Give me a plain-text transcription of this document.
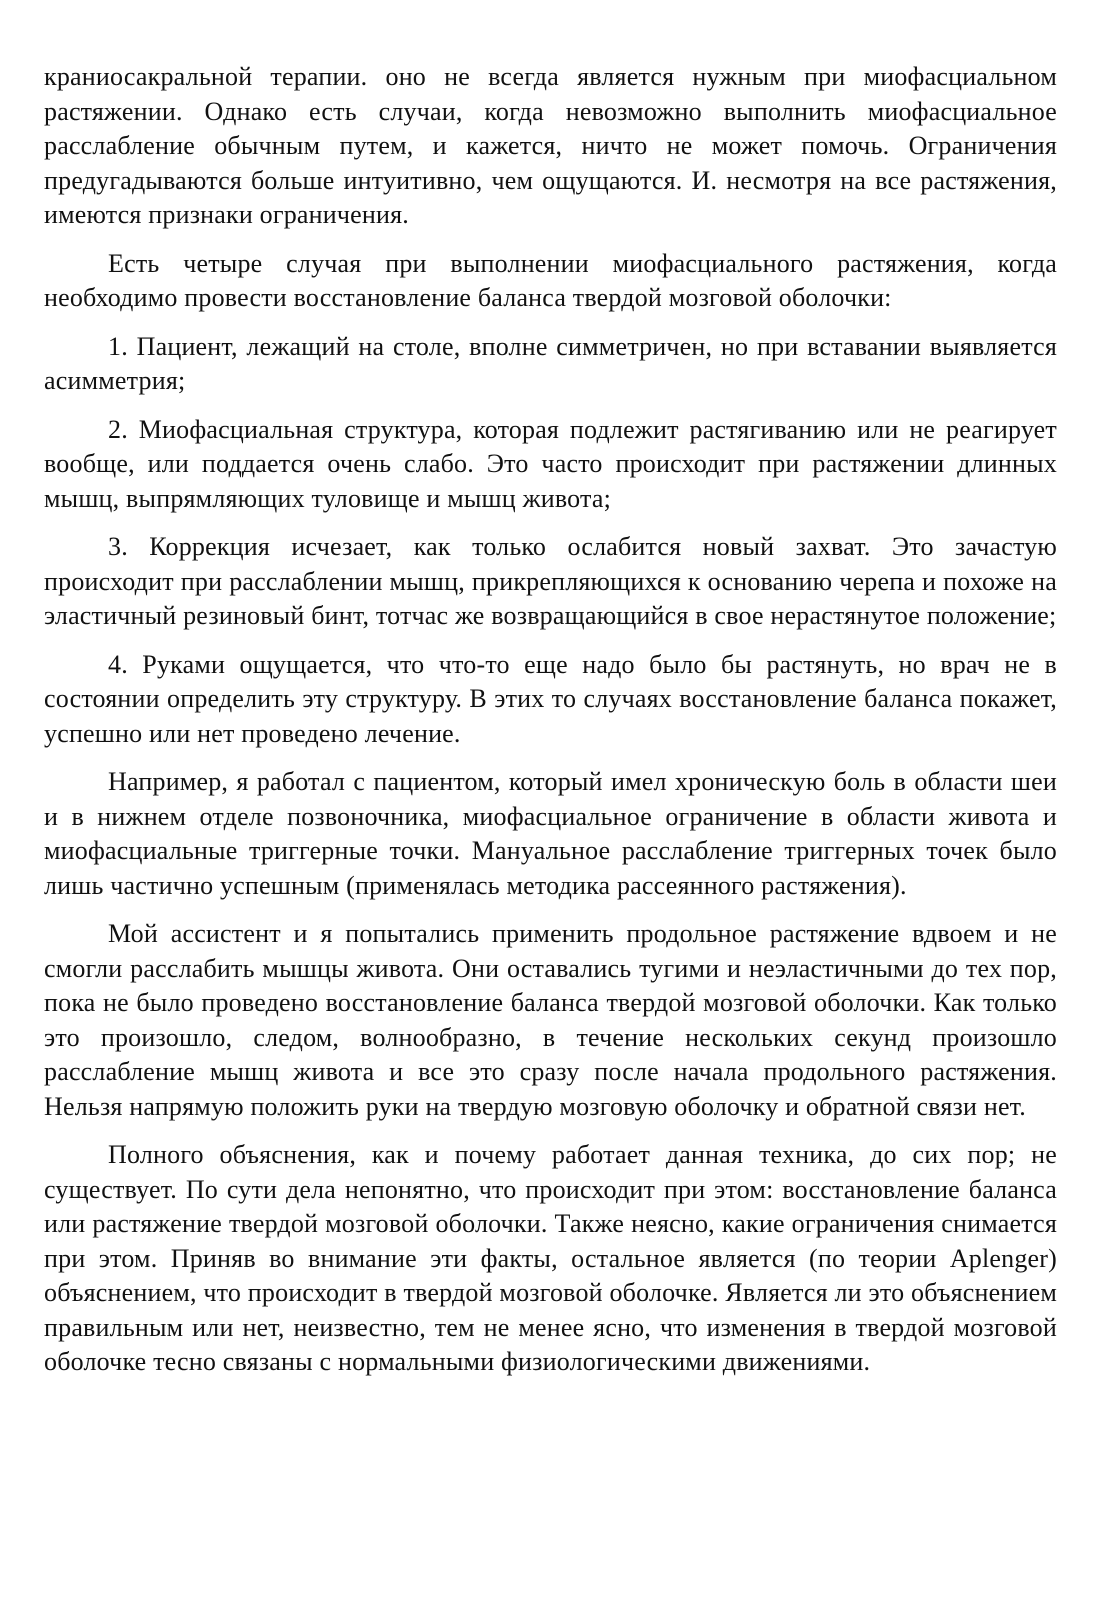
краниосакральной терапии. оно не всегда является нужным при миофасциальном растяжении. Однако есть случаи, когда невозможно выполнить миофасциальное расслабление обычным путем, и кажется, ничто не может помочь. Ограничения предугадываются больше интуитивно, чем ощущаются. И. несмотря на все растяжения, имеются признаки ограничения.

Есть четыре случая при выполнении миофасциального растяжения, когда необходимо провести восстановление баланса твердой мозговой оболочки:

1. Пациент, лежащий на столе, вполне симметричен, но при вставании выявляется асимметрия;

2. Миофасциальная структура, которая подлежит растягиванию или не реагирует вообще, или поддается очень слабо. Это часто происходит при растяжении длинных мышц, выпрямляющих туловище и мышц живота;

3. Коррекция исчезает, как только ослабится новый захват. Это зачастую происходит при расслаблении мышц, прикрепляющихся к основанию черепа и похоже на эластичный резиновый бинт, тотчас же возвращающийся в свое нерастянутое положение;

4. Руками ощущается, что что-то еще надо было бы растянуть, но врач не в состоянии определить эту структуру. В этих то случаях восстановление баланса покажет, успешно или нет проведено лечение.

Например, я работал с пациентом, который имел хроническую боль в области шеи и в нижнем отделе позвоночника, миофасциальное ограничение в области живота и миофасциальные триггерные точки. Мануальное расслабление триггерных точек было лишь частично успешным (применялась методика рассеянного растяжения).

Мой ассистент и я попытались применить продольное растяжение вдвоем и не смогли расслабить мышцы живота. Они оставались тугими и неэластичными до тех пор, пока не было проведено восстановление баланса твердой мозговой оболочки. Как только это произошло, следом, волнообразно, в течение нескольких секунд произошло расслабление мышц живота и все это сразу после начала продольного растяжения. Нельзя напрямую положить руки на твердую мозговую оболочку и обратной связи нет.

Полного объяснения, как и почему работает данная техника, до сих пор; не существует. По сути дела непонятно, что происходит при этом: восстановление баланса или растяжение твердой мозговой оболочки. Также неясно, какие ограничения снимается при этом. Приняв во внимание эти факты, остальное является (по теории Aplenger) объяснением, что происходит в твердой мозговой оболочке. Является ли это объяснением правильным или нет, неизвестно, тем не менее ясно, что изменения в твердой мозговой оболочке тесно связаны с нормальными физиологическими движениями.
